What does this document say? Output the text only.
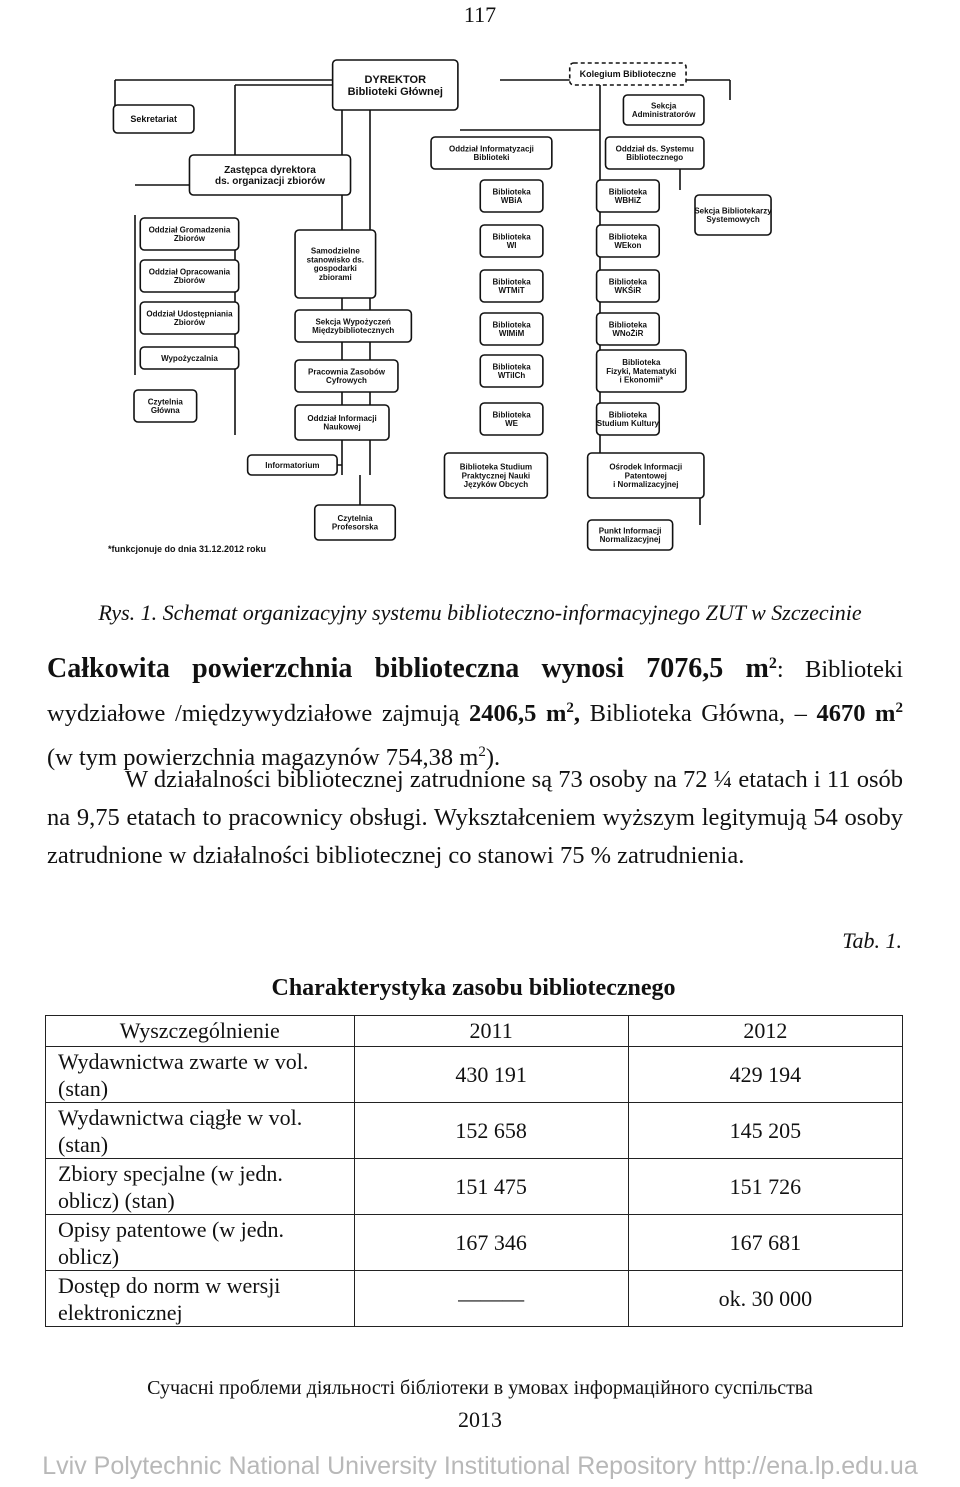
117
DYREKTOR Biblioteki Głównej
Kolegium Biblioteczne
Sekretariat
Sekcja Administratorów
Zastępca dyrektora ds. organizacji zbiorów
Oddział Informatyzacji Biblioteki
Oddział ds. Systemu Bibliotecznego
Sekcja Bibliotekarzy Systemowych
Oddział Gromadzenia Zbiorów
Oddział Opracowania Zbiorów
Oddział Udostępniania Zbiorów
Wypożyczalnia
Czytelnia Główna
Samodzielne stanowisko ds. gospodarki zbiorami
Sekcja Wypożyczeń Międzybibliotecznych
Pracownia Zasobów Cyfrowych
Oddział Informacji Naukowej
Informatorium
Czytelnia Profesorska
Biblioteka Studium Praktycznej Nauki Języków Obcych
Ośrodek Informacji Patentowej i Normalizacyjnej
Punkt Informacji Normalizacyjnej
Biblioteka WBiA
Biblioteka WI
Biblioteka WTMiT
Biblioteka WIMiM
Biblioteka WTiICh
Biblioteka WE
Biblioteka WBHiZ
Biblioteka WEkon
Biblioteka WKŚiR
Biblioteka WNoŻiR
Biblioteka Fizyki, Matematyki i Ekonomii*
Biblioteka Studium Kultury
*funkcjonuje do dnia 31.12.2012 roku
Rys. 1. Schemat organizacyjny systemu biblioteczno-informacyjnego ZUT w Szczecinie
Całkowita powierzchnia biblioteczna wynosi 7076,5 $m^2$: Biblioteki wydziałowe /międzywydziałowe zajmują 2406,5 $m^2$, Biblioteka Główna, – 4670 $m^2$ (w tym powierzchnia magazynów 754,38 $m^2$).
W działalności bibliotecznej zatrudnione są 73 osoby na 72 ¼ etatach i 11 osób na 9,75 etatach to pracownicy obsługi. Wykształceniem wyższym legitymują 54 osoby zatrudnione w działalności bibliotecznej co stanowi 75 % zatrudnienia.
Tab. 1.
Charakterystyka zasobu bibliotecznego
Wyszczególnienie	2011	2012
Wydawnictwa zwarte w vol. (stan)	430 191	429 194
Wydawnictwa ciągłe w vol. (stan)	152 658	145 205
Zbiory specjalne (w jedn. oblicz) (stan)	151 475	151 726
Opisy patentowe (w jedn. oblicz)	167 346	167 681
Dostęp do norm w wersji elektronicznej	———	ok. 30 000
Сучасні проблеми діяльності бібліотеки в умовах інформаційного суспільства
2013
Lviv Polytechnic National University Institutional Repository http://ena.lp.edu.ua
